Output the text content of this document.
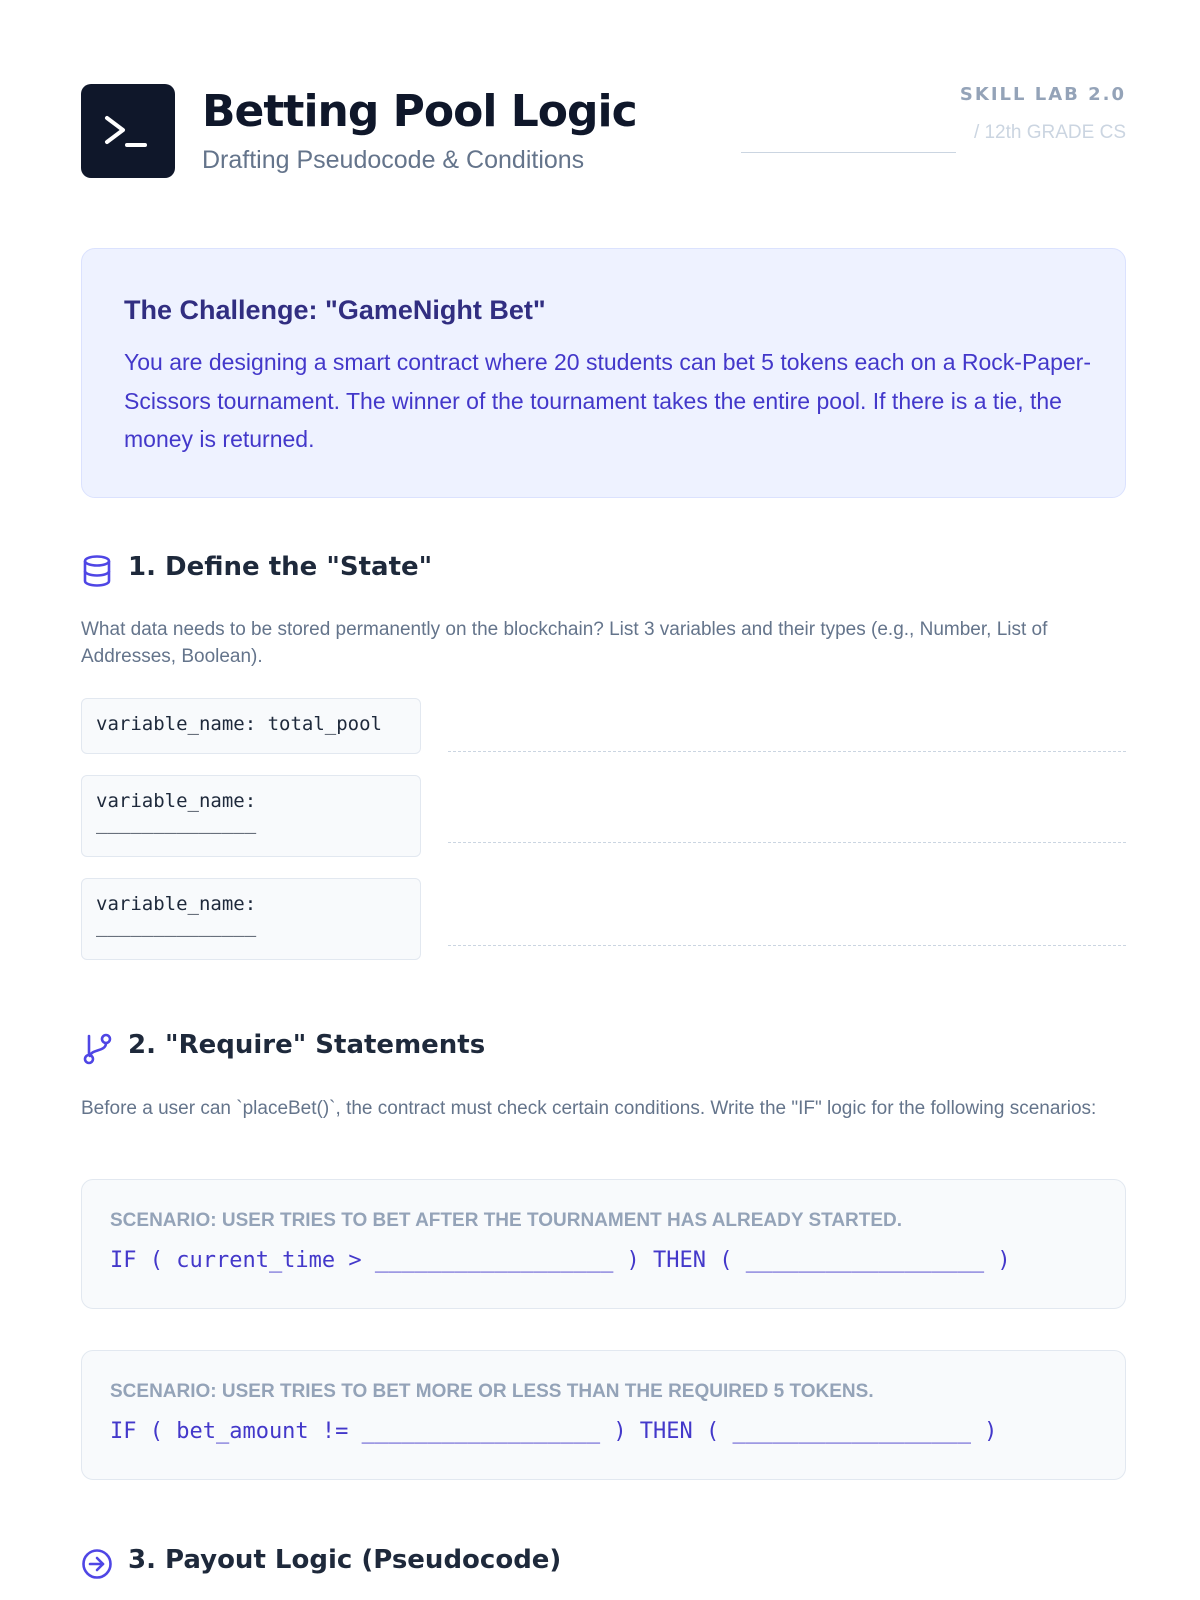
Betting Pool Logic
Drafting Pseudocode & Conditions
SKILL LAB 2.0
/ 12th GRADE CS
The Challenge: "GameNight Bet"
You are designing a smart contract where 20 students can bet 5 tokens each on a Rock-Paper-Scissors tournament. The winner of the tournament takes the entire pool. If there is a tie, the money is returned.
1. Define the "State"
What data needs to be stored permanently on the blockchain? List 3 variables and their types (e.g., Number, List of Addresses, Boolean).
variable_name: total_pool
variable_name:
______________
variable_name:
______________
2. "Require" Statements
Before a user can `placeBet()`, the contract must check certain conditions. Write the "IF" logic for the following scenarios:
SCENARIO: USER TRIES TO BET AFTER THE TOURNAMENT HAS ALREADY STARTED.
IF ( current_time > __________________ ) THEN ( __________________ )
SCENARIO: USER TRIES TO BET MORE OR LESS THAN THE REQUIRED 5 TOKENS.
IF ( bet_amount != __________________ ) THEN ( __________________ )
3. Payout Logic (Pseudocode)
